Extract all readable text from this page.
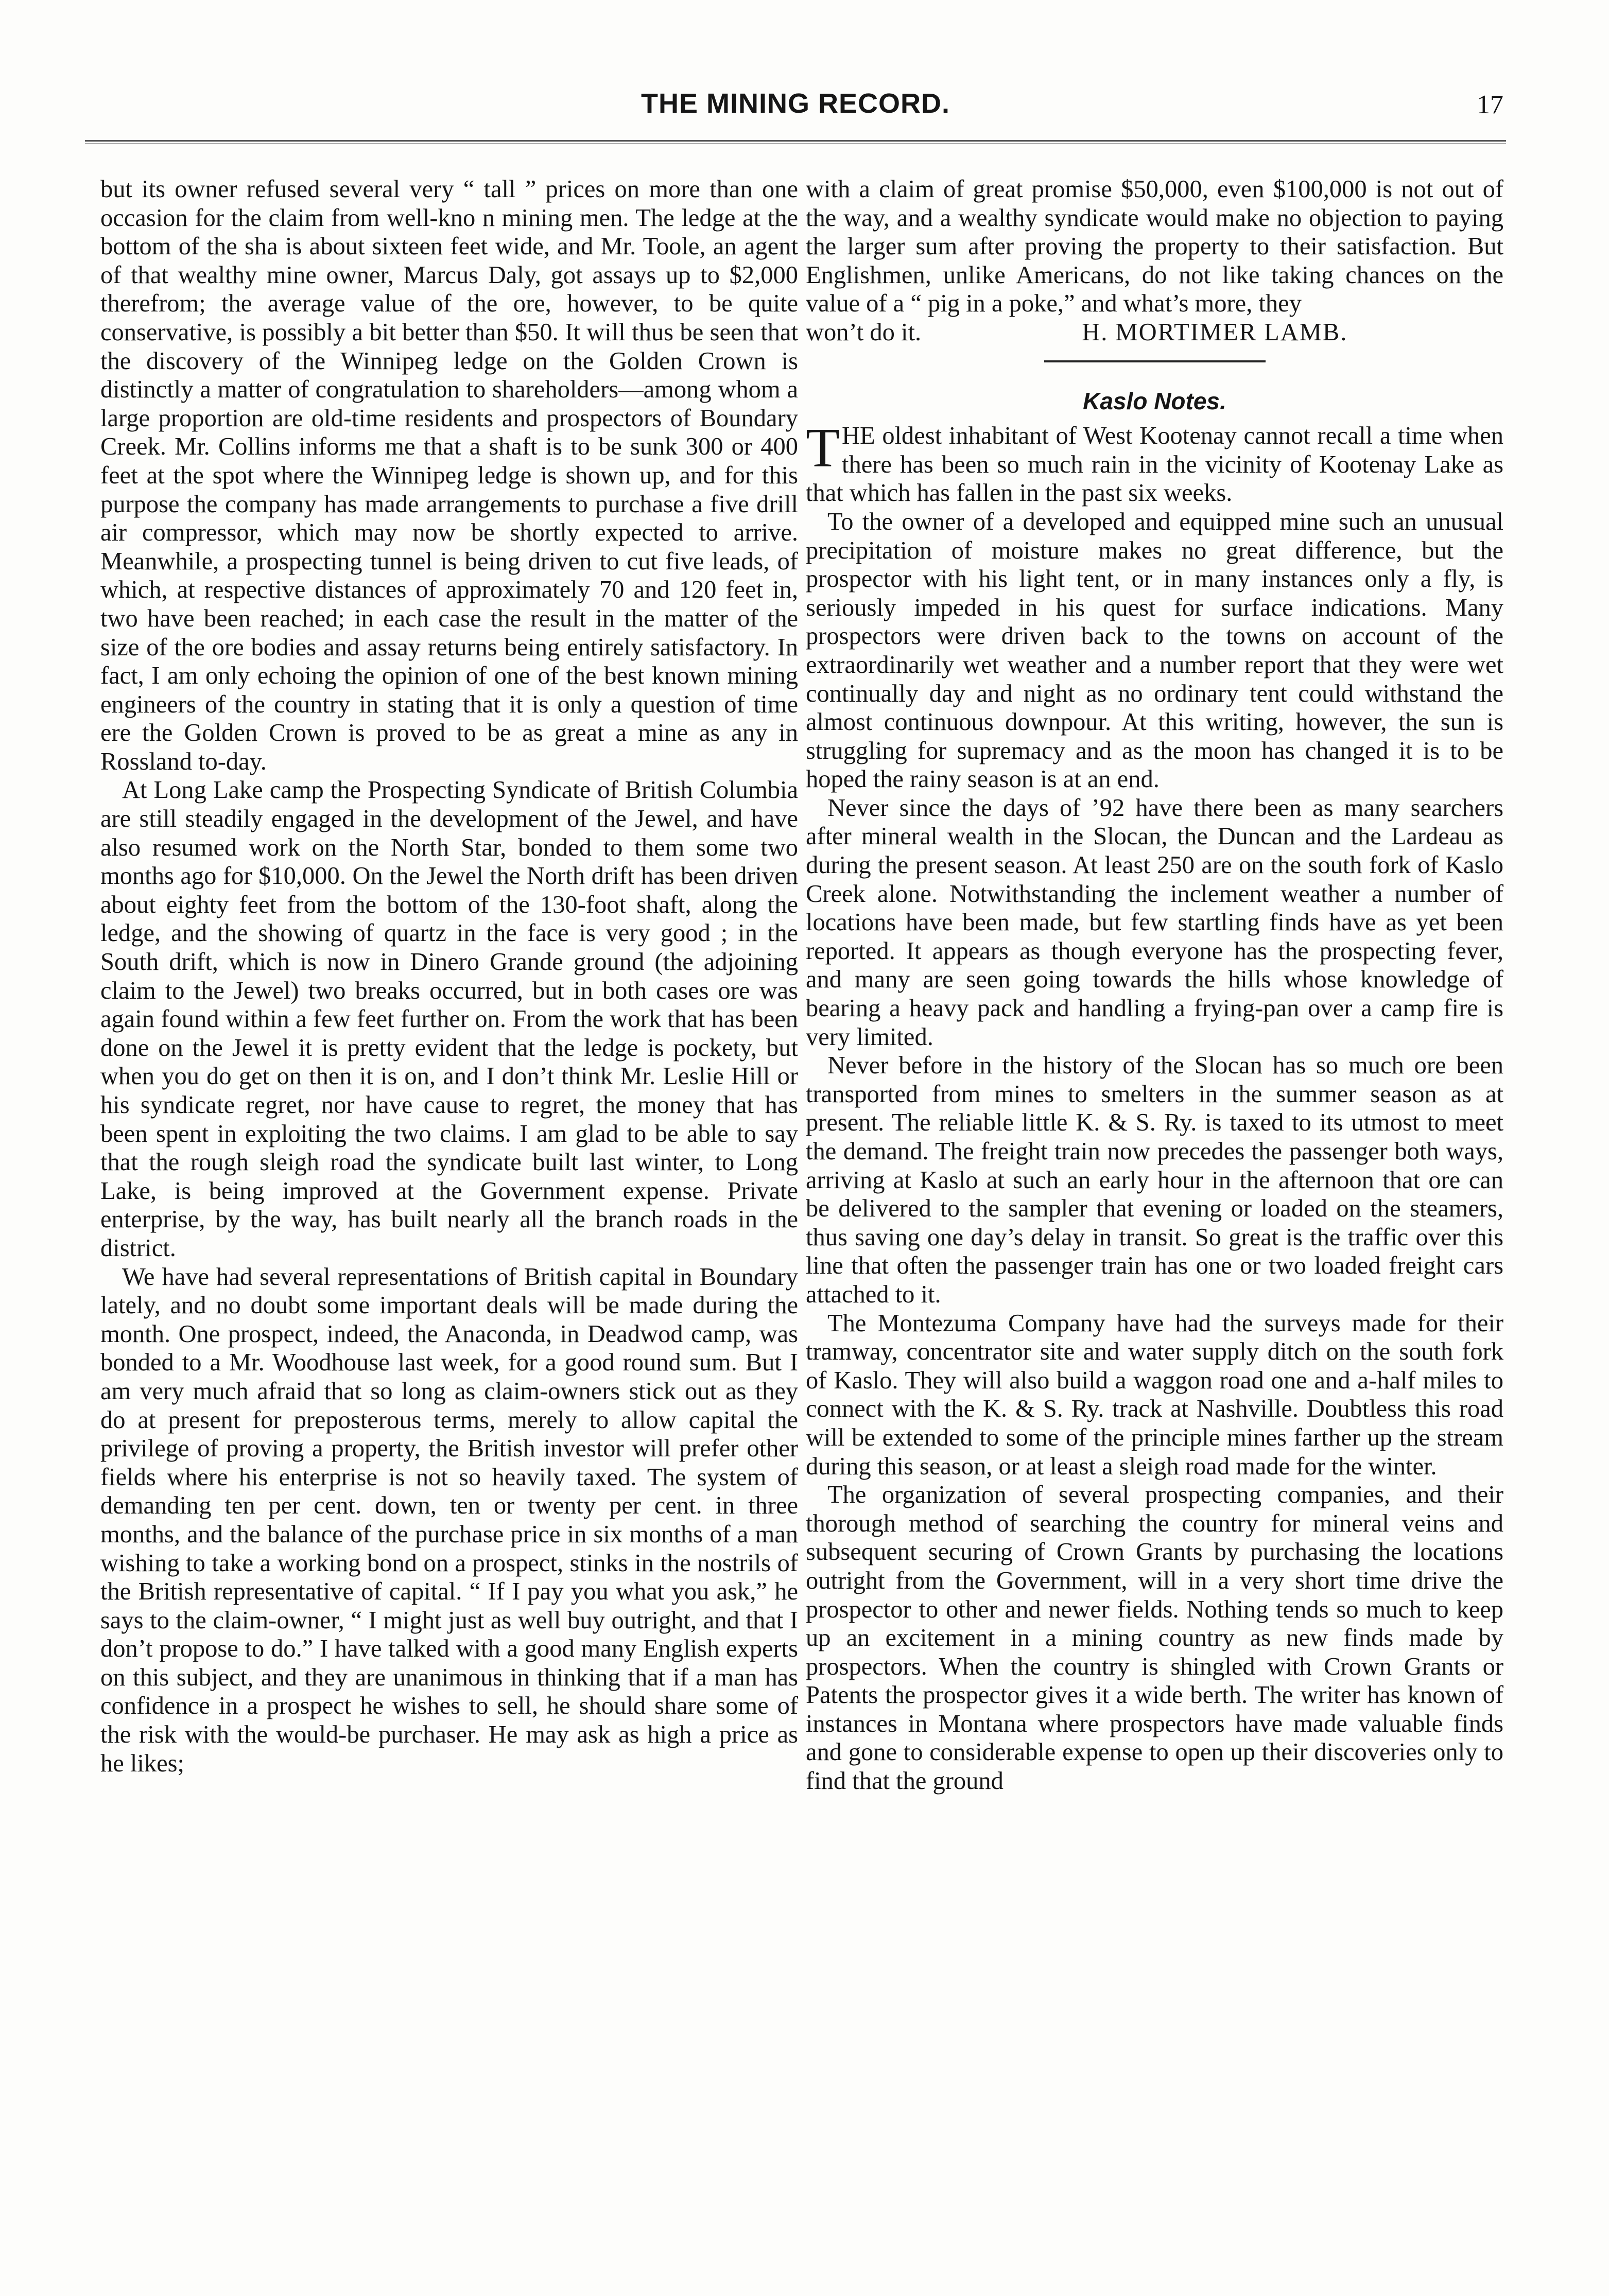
THE MINING RECORD.	17

but its owner refused several very “ tall ” prices on more than one occasion for the claim from well-kno n mining men. The ledge at the bottom of the sha is about sixteen feet wide, and Mr. Toole, an agent of that wealthy mine owner, Marcus Daly, got assays up to $2,000 therefrom; the average value of the ore, however, to be quite conservative, is possibly a bit better than $50. It will thus be seen that the discovery of the Winnipeg ledge on the Golden Crown is distinctly a matter of congratulation to shareholders—among whom a large proportion are old-time residents and prospectors of Boundary Creek. Mr. Collins informs me that a shaft is to be sunk 300 or 400 feet at the spot where the Winnipeg ledge is shown up, and for this purpose the company has made arrangements to purchase a five drill air compressor, which may now be shortly expected to arrive. Meanwhile, a prospecting tunnel is being driven to cut five leads, of which, at respective distances of approximately 70 and 120 feet in, two have been reached; in each case the result in the matter of the size of the ore bodies and assay returns being entirely satisfactory. In fact, I am only echoing the opinion of one of the best known mining engineers of the country in stating that it is only a question of time ere the Golden Crown is proved to be as great a mine as any in Rossland to-day.

At Long Lake camp the Prospecting Syndicate of British Columbia are still steadily engaged in the development of the Jewel, and have also resumed work on the North Star, bonded to them some two months ago for $10,000. On the Jewel the North drift has been driven about eighty feet from the bottom of the 130-foot shaft, along the ledge, and the showing of quartz in the face is very good ; in the South drift, which is now in Dinero Grande ground (the adjoining claim to the Jewel) two breaks occurred, but in both cases ore was again found within a few feet further on. From the work that has been done on the Jewel it is pretty evident that the ledge is pockety, but when you do get on then it is on, and I don’t think Mr. Leslie Hill or his syndicate regret, nor have cause to regret, the money that has been spent in exploiting the two claims. I am glad to be able to say that the rough sleigh road the syndicate built last winter, to Long Lake, is being improved at the Government expense. Private enterprise, by the way, has built nearly all the branch roads in the district.

We have had several representations of British capital in Boundary lately, and no doubt some important deals will be made during the month. One prospect, indeed, the Anaconda, in Deadwod camp, was bonded to a Mr. Woodhouse last week, for a good round sum. But I am very much afraid that so long as claim-owners stick out as they do at present for preposterous terms, merely to allow capital the privilege of proving a property, the British investor will prefer other fields where his enterprise is not so heavily taxed. The system of demanding ten per cent. down, ten or twenty per cent. in three months, and the balance of the purchase price in six months of a man wishing to take a working bond on a prospect, stinks in the nostrils of the British representative of capital. “ If I pay you what you ask,” he says to the claim-owner, “ I might just as well buy outright, and that I don’t propose to do.” I have talked with a good many English experts on this subject, and they are unanimous in thinking that if a man has confidence in a prospect he wishes to sell, he should share some of the risk with the would-be purchaser. He may ask as high a price as he likes;

with a claim of great promise $50,000, even $100,000 is not out of the way, and a wealthy syndicate would make no objection to paying the larger sum after proving the property to their satisfaction. But Englishmen, unlike Americans, do not like taking chances on the value of a “ pig in a poke,” and what’s more, they

won’t do it.	H. MORTIMER LAMB.

Kaslo Notes.

T HE oldest inhabitant of West Kootenay cannot recall a time when there has been so much rain in the vicinity of Kootenay Lake as that which has fallen in the past six weeks.

To the owner of a developed and equipped mine such an unusual precipitation of moisture makes no great difference, but the prospector with his light tent, or in many instances only a fly, is seriously impeded in his quest for surface indications. Many prospectors were driven back to the towns on account of the extraordinarily wet weather and a number report that they were wet continually day and night as no ordinary tent could withstand the almost continuous downpour. At this writing, however, the sun is struggling for supremacy and as the moon has changed it is to be hoped the rainy season is at an end.

Never since the days of ’92 have there been as many searchers after mineral wealth in the Slocan, the Duncan and the Lardeau as during the present season. At least 250 are on the south fork of Kaslo Creek alone. Notwithstanding the inclement weather a number of locations have been made, but few startling finds have as yet been reported. It appears as though everyone has the prospecting fever, and many are seen going towards the hills whose knowledge of bearing a heavy pack and handling a frying-pan over a camp fire is very limited.

Never before in the history of the Slocan has so much ore been transported from mines to smelters in the summer season as at present. The reliable little K. & S. Ry. is taxed to its utmost to meet the demand. The freight train now precedes the passenger both ways, arriving at Kaslo at such an early hour in the afternoon that ore can be delivered to the sampler that evening or loaded on the steamers, thus saving one day’s delay in transit. So great is the traffic over this line that often the passenger train has one or two loaded freight cars attached to it.

The Montezuma Company have had the surveys made for their tramway, concentrator site and water supply ditch on the south fork of Kaslo. They will also build a waggon road one and a-half miles to connect with the K. & S. Ry. track at Nashville. Doubtless this road will be extended to some of the principle mines farther up the stream during this season, or at least a sleigh road made for the winter.

The organization of several prospecting companies, and their thorough method of searching the country for mineral veins and subsequent securing of Crown Grants by purchasing the locations outright from the Government, will in a very short time drive the prospector to other and newer fields. Nothing tends so much to keep up an excitement in a mining country as new finds made by prospectors. When the country is shingled with Crown Grants or Patents the prospector gives it a wide berth. The writer has known of instances in Montana where prospectors have made valuable finds and gone to considerable expense to open up their discoveries only to find that the ground
